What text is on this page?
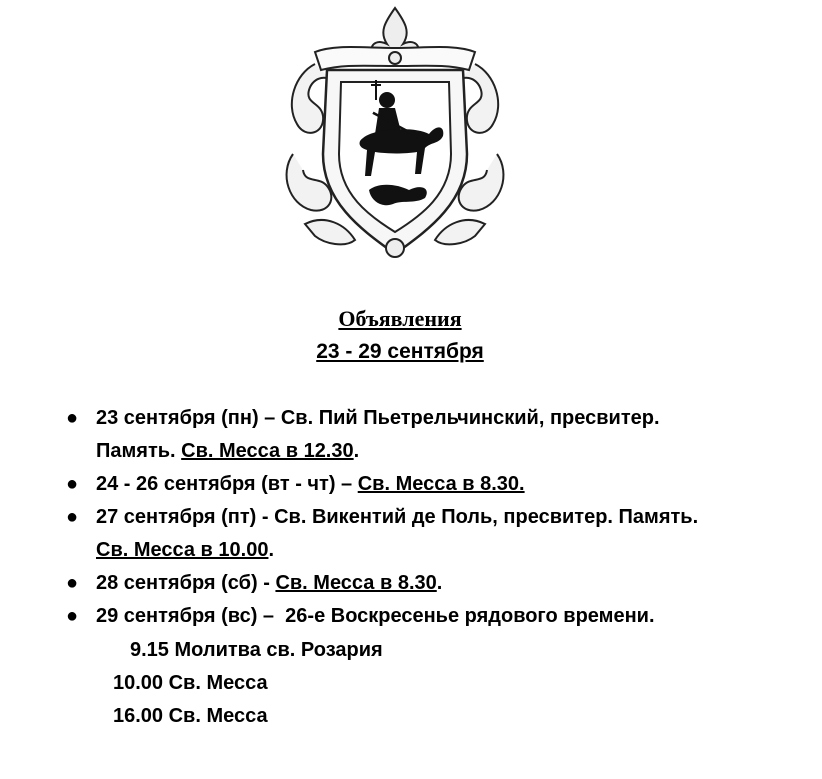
Объявления
23 - 29 сентября
● 23 сентября (пн) – Св. Пий Пьетрельчинский, пресвитер.
Память. Св. Месса в 12.30.
● 24 - 26 сентября (вт - чт) – Св. Месса в 8.30.
● 27 сентября (пт) - Св. Викентий де Поль, пресвитер. Память.
Св. Месса в 10.00.
● 28 сентября (сб) - Св. Месса в 8.30.
● 29 сентября (вс) –  26-е Воскресенье рядового времени.
9.15 Молитва св. Розария
10.00 Св. Месса
16.00 Св. Месса
